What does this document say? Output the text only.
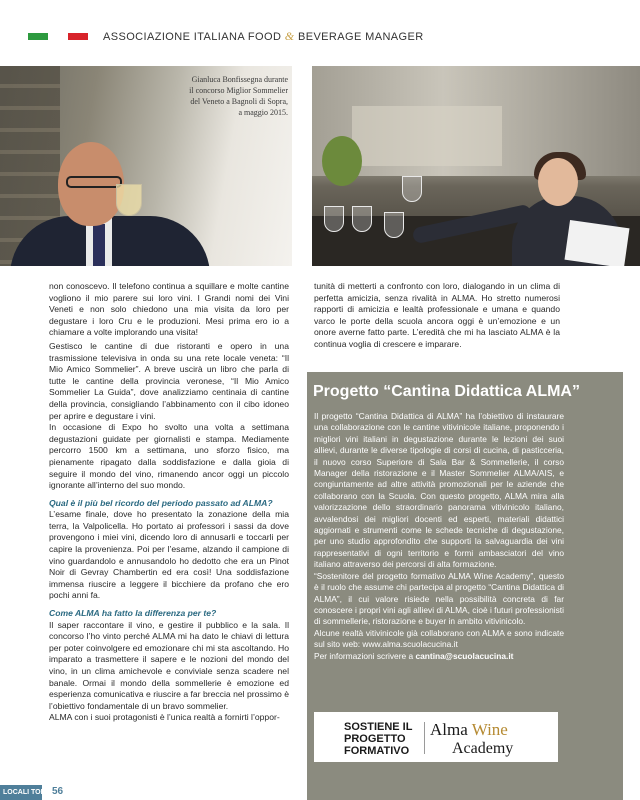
ASSOCIAZIONE ITALIANA FOOD & BEVERAGE MANAGER
Gianluca Bonfissegna durante
il concorso Miglior Sommelier
del Veneto a Bagnoli di Sopra,
a maggio 2015.

non conoscevo. Il telefono continua a squillare e molte cantine vogliono il mio parere sui loro vini. I Grandi nomi dei Vini Veneti e non solo chiedono una mia visita da loro per degustare i loro Cru e le produzioni. Mesi prima ero io a chiamare a volte implorando una visita!

Gestisco le cantine di due ristoranti e opero in una trasmissione televisiva in onda su una rete locale veneta: “Il Mio Amico Sommelier”. A breve uscirà un libro che parla di tutte le cantine della provincia veronese, “Il Mio Amico Sommelier La Guida”, dove analizziamo centinaia di cantine della provincia, consigliando l’abbinamento con il cibo idoneo per aprire e degustare i vini.

In occasione di Expo ho svolto una volta a settimana degustazioni guidate per giornalisti e stampa. Mediamente percorro 1500 km a settimana, uno sforzo fisico, ma pienamente ripagato dalla soddisfazione e dalla gioia di seguire il mondo del vino, rimanendo ancor oggi un piccolo ignorante all’interno del suo mondo.

Qual è il più bel ricordo del periodo passato ad ALMA?

L’esame finale, dove ho presentato la zonazione della mia terra, la Valpolicella. Ho portato ai professori i sassi da dove provengono i miei vini, dicendo loro di annusarli e toccarli per capire la provenienza. Poi per l’esame, alzando il campione di vino guardandolo e annusandolo ho dedotto che era un Pinot Noir di Gevray Chambertin ed era così! Una soddisfazione immensa riuscire a leggere il bicchiere da profano che ero pochi anni fa.

Come ALMA ha fatto la differenza per te?

Il saper raccontare il vino, e gestire il pubblico e la sala. Il concorso l’ho vinto perché ALMA mi ha dato le chiavi di lettura per poter coinvolgere ed emozionare chi mi sta ascoltando. Ho imparato a trasmettere il sapere e le nozioni del mondo del vino, in un clima amichevole e conviviale senza scadere nel banale. Ormai il mondo della sommellerie è emozione ed esperienza comunicativa e riuscire a far breccia nel prossimo è l’obiettivo fondamentale di un bravo sommelier.

ALMA con i suoi protagonisti è l’unica realtà a fornirti l’oppor-

tunità di metterti a confronto con loro, dialogando in un clima di perfetta amicizia, senza rivalità in ALMA. Ho stretto numerosi rapporti di amicizia e lealtà professionale e umana e quando varco le porte della scuola ancora oggi è un’emozione e un onore averne fatto parte. L’eredità che mi ha lasciato ALMA è la continua voglia di crescere e imparare.

Progetto “Cantina Didattica ALMA”

Il progetto “Cantina Didattica di ALMA” ha l’obiettivo di instaurare una collaborazione con le cantine vitivinicole italiane, proponendo i migliori vini italiani in degustazione durante le lezioni dei suoi allievi, durante le diverse tipologie di corsi di cucina, di pasticceria, il nuovo corso Superiore di Sala Bar & Sommellerie, il corso Manager della ristorazione e il Master Sommelier ALMA/AIS, e congiuntamente ad altre attività promozionali per le aziende che collaborano con la Scuola. Con questo progetto, ALMA mira alla valorizzazione dello straordinario panorama vitivinicolo italiano, avvalendosi dei migliori docenti ed esperti, materiali didattici aggiornati e strumenti come le schede tecniche di degustazione, per uno studio approfondito che supporti la salvaguardia dei vini rappresentativi di ogni territorio e formi ambasciatori del vino italiano attraverso dei percorsi di alta formazione.

“Sostenitore del progetto formativo ALMA Wine Academy”, questo è il ruolo che assume chi partecipa al progetto “Cantina Didattica di ALMA”, il cui valore risiede nella possibilità concreta di far conoscere i propri vini agli allievi di ALMA, cioè i futuri professionisti di sommellerie, ristorazione e buyer in ambito vitivinicolo.

Alcune realtà vitivinicole già collaborano con ALMA e sono indicate sul sito web: www.alma.scuolacucina.it

Per informazioni scrivere a cantina@scuolacucina.it

SOSTIENE IL
PROGETTO
FORMATIVO
Alma Wine
Academy
LOCALI TOP 56
